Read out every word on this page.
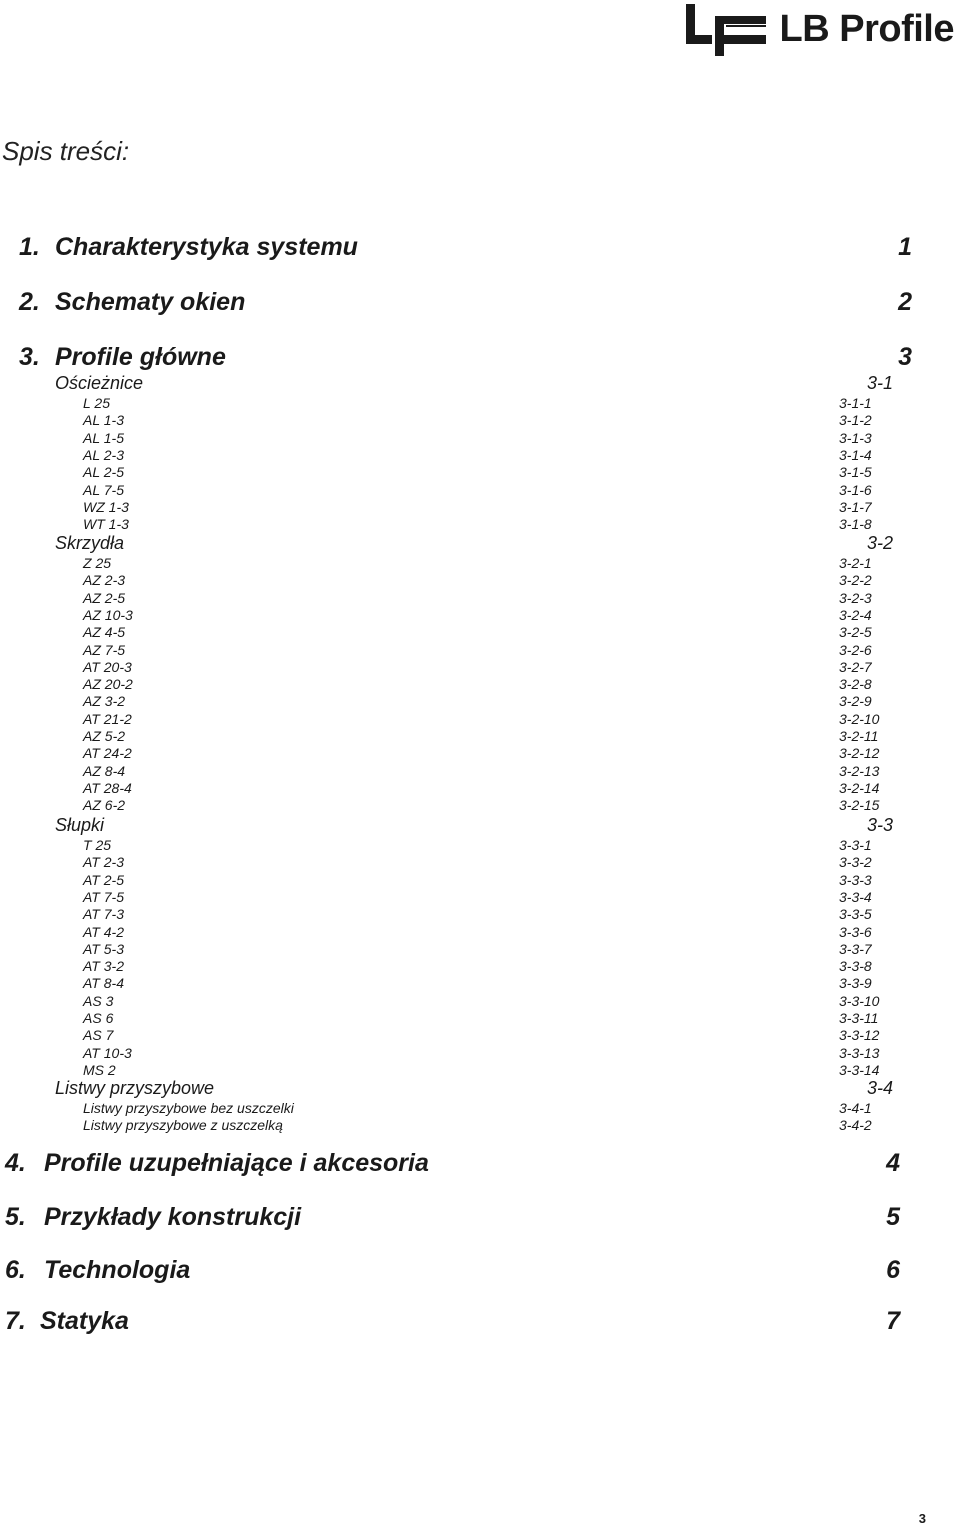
LB Profile
Spis treści:
1. Charakterystyka systemu	1
2. Schematy okien	2
3. Profile główne	3
Ościeżnice	3-1
L 25	3-1-1
AL 1-3	3-1-2
AL 1-5	3-1-3
AL 2-3	3-1-4
AL 2-5	3-1-5
AL 7-5	3-1-6
WZ 1-3	3-1-7
WT 1-3	3-1-8
Skrzydła	3-2
Z 25	3-2-1
AZ 2-3	3-2-2
AZ 2-5	3-2-3
AZ 10-3	3-2-4
AZ 4-5	3-2-5
AZ 7-5	3-2-6
AT 20-3	3-2-7
AZ 20-2	3-2-8
AZ 3-2	3-2-9
AT 21-2	3-2-10
AZ 5-2	3-2-11
AT 24-2	3-2-12
AZ 8-4	3-2-13
AT 28-4	3-2-14
AZ 6-2	3-2-15
Słupki	3-3
T 25	3-3-1
AT 2-3	3-3-2
AT 2-5	3-3-3
AT 7-5	3-3-4
AT 7-3	3-3-5
AT 4-2	3-3-6
AT 5-3	3-3-7
AT 3-2	3-3-8
AT 8-4	3-3-9
AS 3	3-3-10
AS 6	3-3-11
AS 7	3-3-12
AT 10-3	3-3-13
MS 2	3-3-14
Listwy przyszybowe	3-4
Listwy przyszybowe bez uszczelki	3-4-1
Listwy przyszybowe z uszczelką	3-4-2
4. Profile uzupełniające i akcesoria	4
5. Przykłady konstrukcji	5
6. Technologia	6
7. Statyka	7
3
